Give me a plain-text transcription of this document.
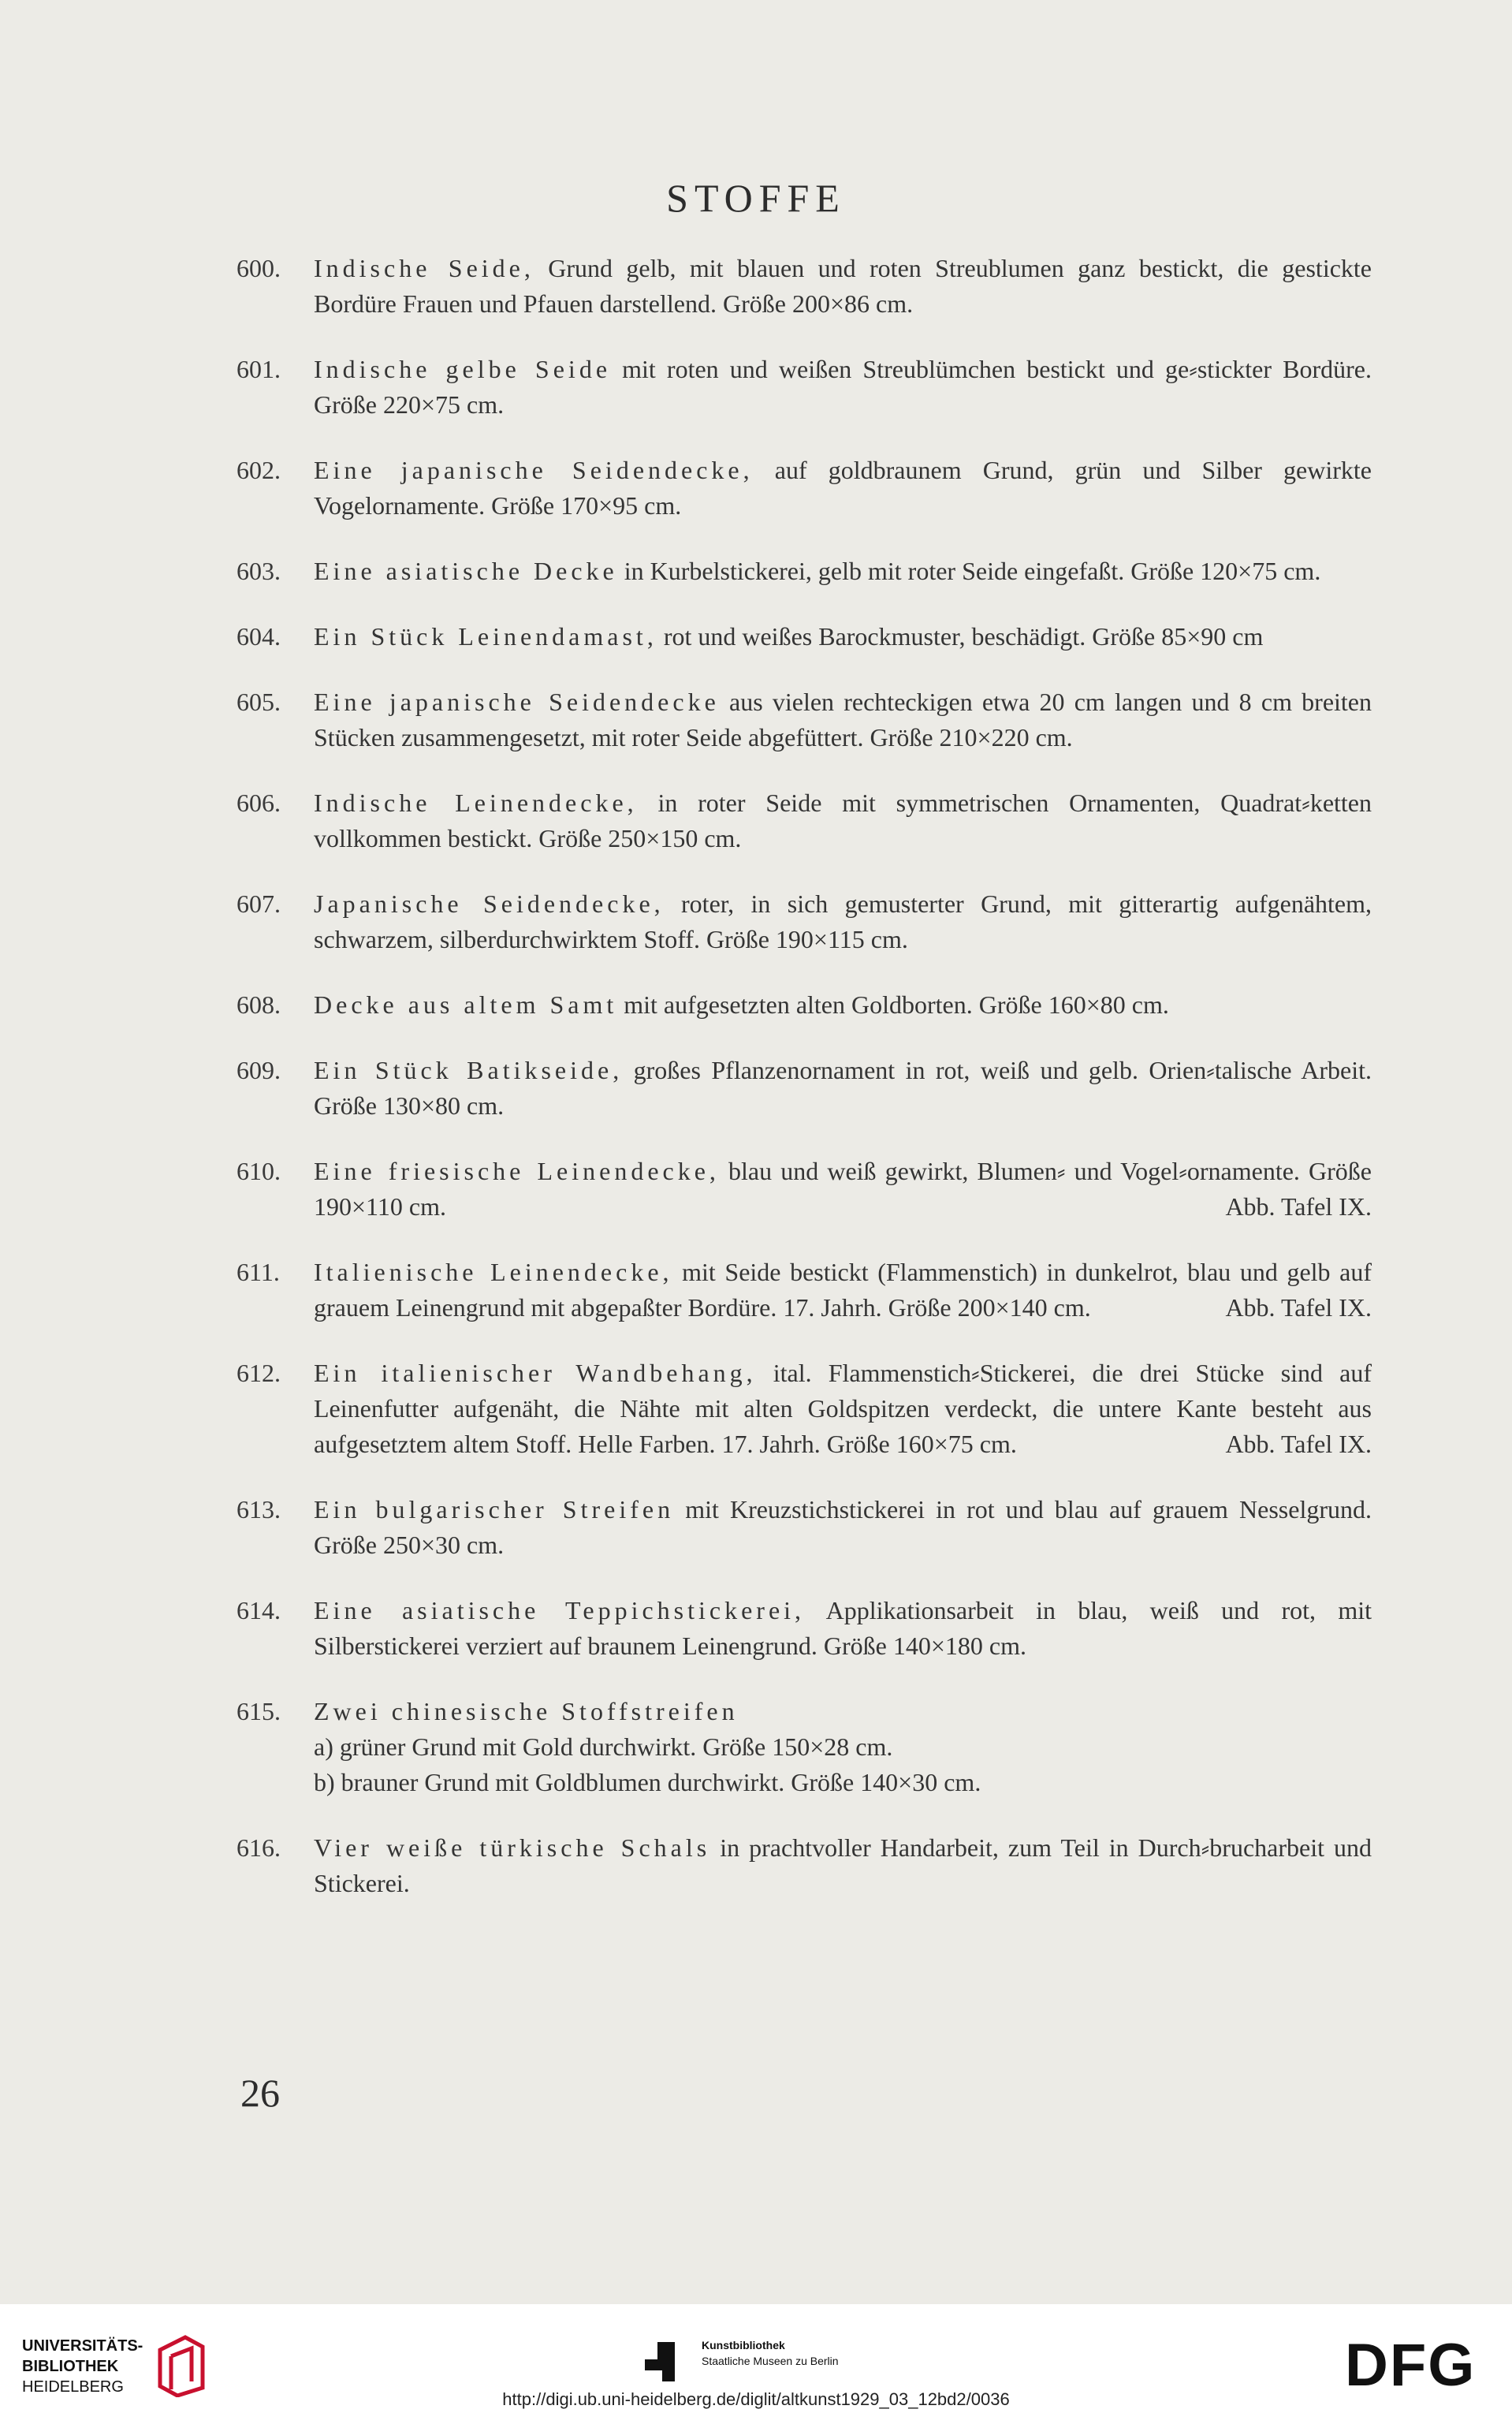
STOFFE
600.	Indische Seide, Grund gelb, mit blauen und roten Streublumen ganz bestickt, die gestickte Bordüre Frauen und Pfauen darstellend. Größe 200×86 cm.
601.	Indische gelbe Seide mit roten und weißen Streublümchen bestickt und ge⸗stickter Bordüre. Größe 220×75 cm.
602.	Eine japanische Seidendecke, auf goldbraunem Grund, grün und Silber gewirkte Vogelornamente. Größe 170×95 cm.
603.	Eine asiatische Decke in Kurbelstickerei, gelb mit roter Seide eingefaßt. Größe 120×75 cm.
604.	Ein Stück Leinendamast, rot und weißes Barockmuster, beschädigt. Größe 85×90 cm
605.	Eine japanische Seidendecke aus vielen rechteckigen etwa 20 cm langen und 8 cm breiten Stücken zusammengesetzt, mit roter Seide abgefüttert. Größe 210×220 cm.
606.	Indische Leinendecke, in roter Seide mit symmetrischen Ornamenten, Quadrat⸗ketten vollkommen bestickt. Größe 250×150 cm.
607.	Japanische Seidendecke, roter, in sich gemusterter Grund, mit gitterartig aufgenähtem, schwarzem, silberdurchwirktem Stoff. Größe 190×115 cm.
608.	Decke aus altem Samt mit aufgesetzten alten Goldborten. Größe 160×80 cm.
609.	Ein Stück Batikseide, großes Pflanzenornament in rot, weiß und gelb. Orien⸗talische Arbeit. Größe 130×80 cm.
610.	Eine friesische Leinendecke, blau und weiß gewirkt, Blumen⸗ und Vogel⸗ornamente. Größe 190×110 cm.	Abb. Tafel IX.
611.	Italienische Leinendecke, mit Seide bestickt (Flammenstich) in dunkelrot, blau und gelb auf grauem Leinengrund mit abgepaßter Bordüre. 17. Jahrh. Größe 200×140 cm.	Abb. Tafel IX.
612.	Ein italienischer Wandbehang, ital. Flammenstich⸗Stickerei, die drei Stücke sind auf Leinenfutter aufgenäht, die Nähte mit alten Goldspitzen verdeckt, die untere Kante besteht aus aufgesetztem altem Stoff. Helle Farben. 17. Jahrh. Größe 160×75 cm.	Abb. Tafel IX.
613.	Ein bulgarischer Streifen mit Kreuzstichstickerei in rot und blau auf grauem Nesselgrund. Größe 250×30 cm.
614.	Eine asiatische Teppichstickerei, Applikationsarbeit in blau, weiß und rot, mit Silberstickerei verziert auf braunem Leinengrund. Größe 140×180 cm.
615.	Zwei chinesische Stoffstreifen
a) grüner Grund mit Gold durchwirkt. Größe 150×28 cm.
b) brauner Grund mit Goldblumen durchwirkt. Größe 140×30 cm.
616.	Vier weiße türkische Schals in prachtvoller Handarbeit, zum Teil in Durch⸗brucharbeit und Stickerei.
26
UNIVERSITÄTS-
BIBLIOTHEK
HEIDELBERG
Kunstbibliothek
Staatliche Museen zu Berlin	DFG
http://digi.ub.uni-heidelberg.de/diglit/altkunst1929_03_12bd2/0036
